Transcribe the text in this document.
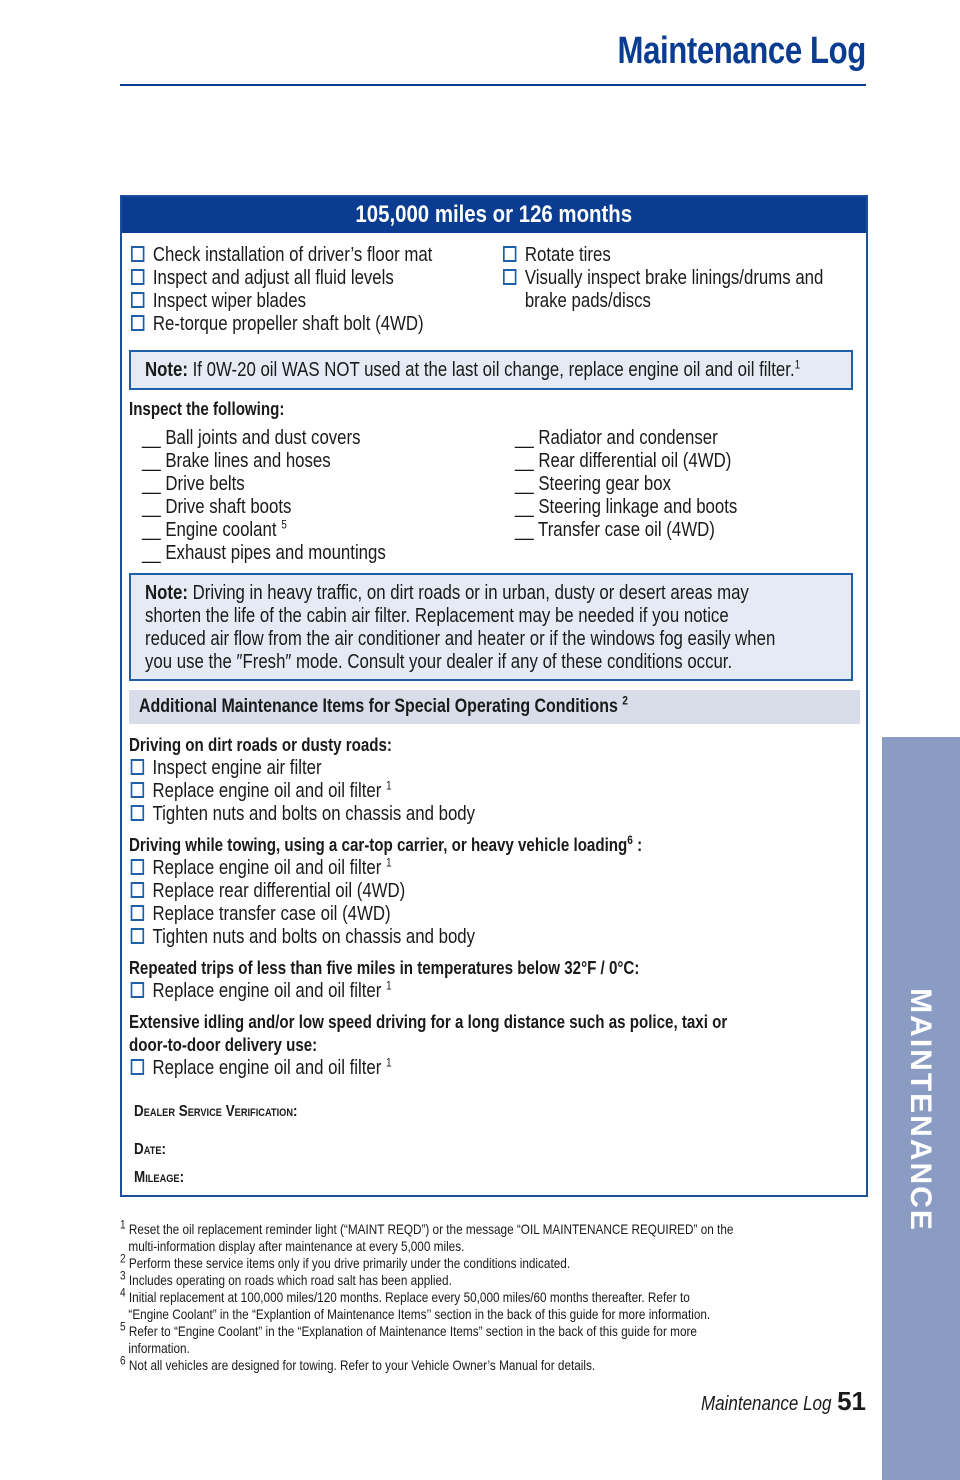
Maintenance Log
105,000 miles or 126 months
Check installation of driver’s floor mat
Inspect and adjust all fluid levels
Inspect wiper blades
Re-torque propeller shaft bolt (4WD)
Rotate tires
Visually inspect brake linings/drums and
brake pads/discs
Note: If 0W-20 oil WAS NOT used at the last oil change, replace engine oil and oil filter.$^1$
Inspect the following:
__ Ball joints and dust covers
__ Brake lines and hoses
__ Drive belts
__ Drive shaft boots
__ Engine coolant $^5$
__ Exhaust pipes and mountings
__ Radiator and condenser
__ Rear differential oil (4WD)
__ Steering gear box
__ Steering linkage and boots
__ Transfer case oil (4WD)
Note: Driving in heavy traffic, on dirt roads or in urban, dusty or desert areas may
shorten the life of the cabin air filter. Replacement may be needed if you notice
reduced air flow from the air conditioner and heater or if the windows fog easily when
you use the ″Fresh″ mode. Consult your dealer if any of these conditions occur.
Additional Maintenance Items for Special Operating Conditions $^2$
Driving on dirt roads or dusty roads:
Inspect engine air filter
Replace engine oil and oil filter $^1$
Tighten nuts and bolts on chassis and body
Driving while towing, using a car-top carrier, or heavy vehicle loading$^6$ :
Replace engine oil and oil filter $^1$
Replace rear differential oil (4WD)
Replace transfer case oil (4WD)
Tighten nuts and bolts on chassis and body
Repeated trips of less than five miles in temperatures below 32°F / 0°C:
Replace engine oil and oil filter $^1$
Extensive idling and/or low speed driving for a long distance such as police, taxi or
door-to-door delivery use:
Replace engine oil and oil filter $^1$
Dealer Service Verification:
Date:
Mileage:
1 Reset the oil replacement reminder light (“MAINT REQD”) or the message “OIL MAINTENANCE REQUIRED” on the
multi-information display after maintenance at every 5,000 miles.
2 Perform these service items only if you drive primarily under the conditions indicated.
3 Includes operating on roads which road salt has been applied.
4 Initial replacement at 100,000 miles/120 months. Replace every 50,000 miles/60 months thereafter. Refer to
“Engine Coolant” in the “Explantion of Maintenance Items’’ section in the back of this guide for more information.
5 Refer to “Engine Coolant” in the “Explanation of Maintenance Items” section in the back of this guide for more
information.
6 Not all vehicles are designed for towing. Refer to your Vehicle Owner’s Manual for details.
MAINTENANCE
Maintenance Log 51
